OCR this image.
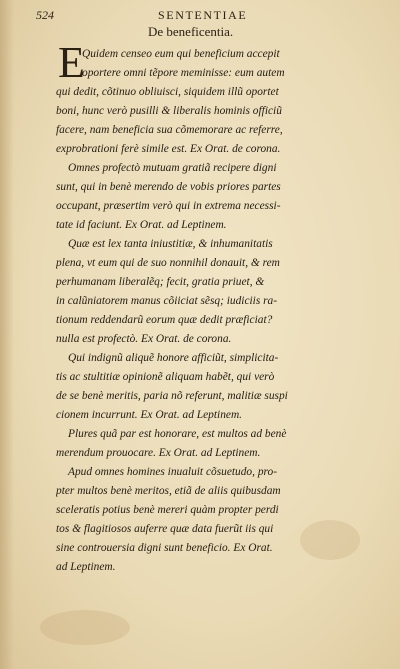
524	SENTENTIAE
De beneficentia.
E
Quidem censeo eum qui beneficium accepit
oportere omni tẽpore meminisse: eum autem
qui dedit, cõtinuo obliuisci, siquidem illũ oportet
boni, hunc verò pusilli & liberalis hominis officiũ
facere, nam beneficia sua cõmemorare ac referre,
exprobrationi ferè simile est. Ex Orat. de corona.
Omnes profectò mutuam gratiã recipere digni
sunt, qui in benè merendo de vobis priores partes
occupant, præsertim verò qui in extrema necessi-
tate id faciunt. Ex Orat. ad Leptinem.
Quæ est lex tanta iniustitiæ, & inhumanitatis
plena, vt eum qui de suo nonnihil donauit, & rem
perhumanam liberalẽq; fecit, gratia priuet, &
in calũniatorem manus cõiiciat sẽsq; iudiciis ra-
tionum reddendarũ eorum quæ dedit præficiat?
nulla est profectò. Ex Orat. de corona.
Qui indignũ aliquẽ honore afficiũt, simplicita-
tis ac stultitiæ opinionẽ aliquam habẽt, qui verò
de se benè meritis, paria nõ referunt, malitiæ suspi
cionem incurrunt. Ex Orat. ad Leptinem.
Plures quã par est honorare, est multos ad benè
merendum prouocare. Ex Orat. ad Leptinem.
Apud omnes homines inualuit cõsuetudo, pro-
pter multos benè meritos, etiã de aliis quibusdam
sceleratis potius benè mereri quàm propter perdi
tos & flagitiosos auferre quæ data fuerũt iis qui
sine controuersia digni sunt beneficio. Ex Orat.
ad Leptinem.
